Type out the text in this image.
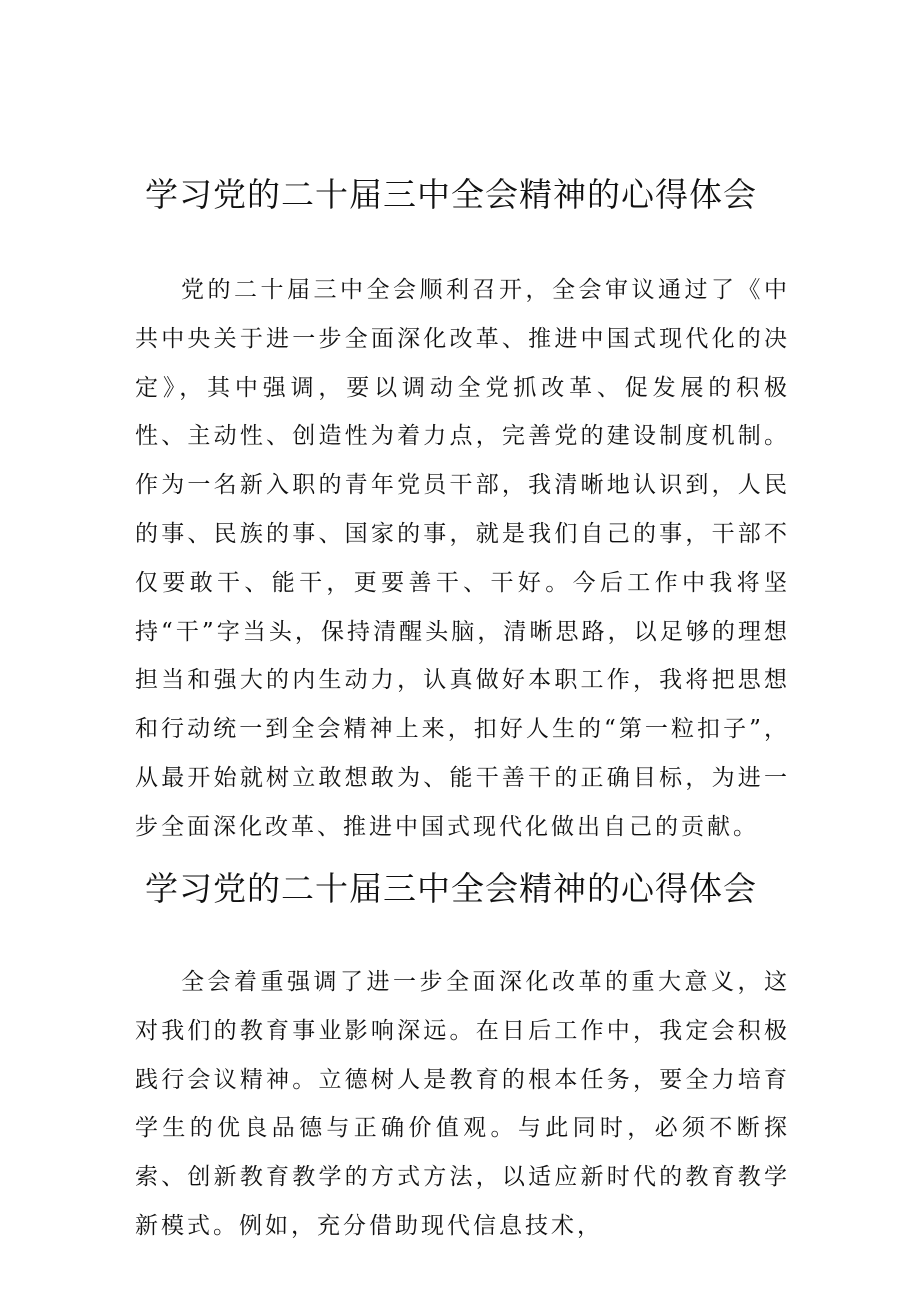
学习党的二十届三中全会精神的心得体会

党的二十届三中全会顺利召开，全会审议通过了《中共中央关于进一步全面深化改革、推进中国式现代化的决定》，其中强调，要以调动全党抓改革、促发展的积极性、主动性、创造性为着力点，完善党的建设制度机制。作为一名新入职的青年党员干部，我清晰地认识到，人民的事、民族的事、国家的事，就是我们自己的事，干部不仅要敢干、能干，更要善干、干好。今后工作中我将坚持“干”字当头，保持清醒头脑，清晰思路，以足够的理想担当和强大的内生动力，认真做好本职工作，我将把思想和行动统一到全会精神上来，扣好人生的“第一粒扣子”，从最开始就树立敢想敢为、能干善干的正确目标，为进一步全面深化改革、推进中国式现代化做出自己的贡献。

学习党的二十届三中全会精神的心得体会

全会着重强调了进一步全面深化改革的重大意义，这对我们的教育事业影响深远。在日后工作中，我定会积极践行会议精神。立德树人是教育的根本任务，要全力培育学生的优良品德与正确价值观。与此同时，必须不断探索、创新教育教学的方式方法，以适应新时代的教育教学新模式。例如，充分借助现代信息技术，
